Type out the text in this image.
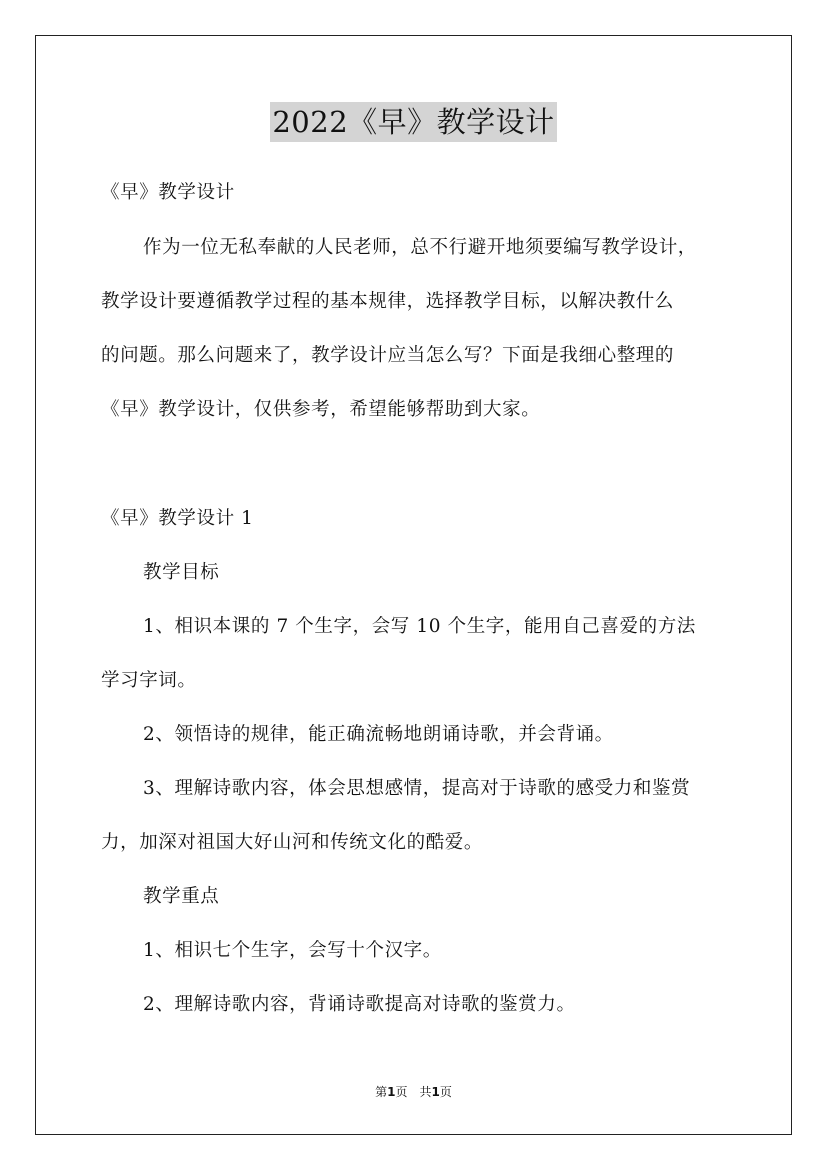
2022《早》教学设计
《早》教学设计
作为一位无私奉献的人民老师，总不行避开地须要编写教学设计，
教学设计要遵循教学过程的基本规律，选择教学目标，以解决教什么
的问题。那么问题来了，教学设计应当怎么写？下面是我细心整理的
《早》教学设计，仅供参考，希望能够帮助到大家。
《早》教学设计 1
教学目标
1、相识本课的 7 个生字，会写 10 个生字，能用自己喜爱的方法
学习字词。
2、领悟诗的规律，能正确流畅地朗诵诗歌，并会背诵。
3、理解诗歌内容，体会思想感情，提高对于诗歌的感受力和鉴赏
力，加深对祖国大好山河和传统文化的酷爱。
教学重点
1、相识七个生字，会写十个汉字。
2、理解诗歌内容，背诵诗歌提高对诗歌的鉴赏力。
第1页　共1页
